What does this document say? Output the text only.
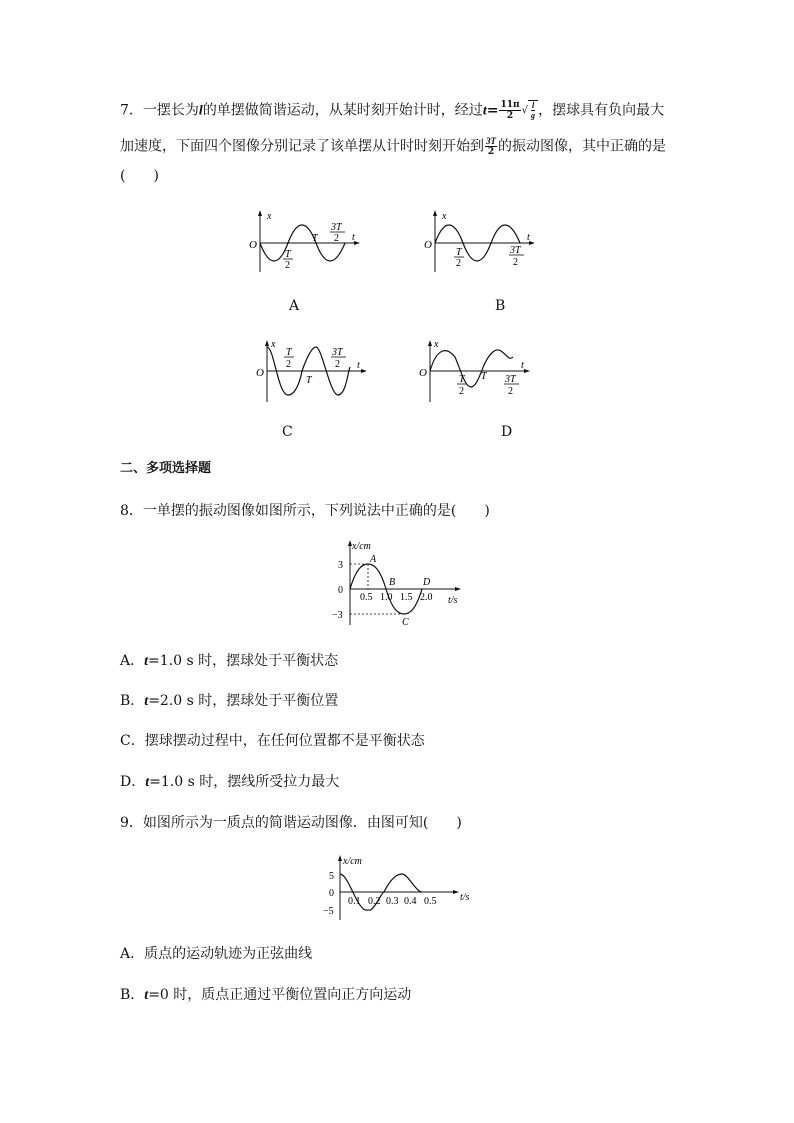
7．一摆长为l的单摆做简谐运动，从某时刻开始计时，经过$t= \frac{11\pi}{2}$ √ $\frac{l}{g}$ ，摆球具有负向最大
加速度，下面四个图像分别记录了该单摆从计时时刻开始到 $\frac{3T}{2}$ 的振动图像，其中正确的是
(　　)
x
O
t
T
2
T
3T
2
A
x
O
t
T
2
3T
2
B
x
O
t
T
2
T
3T
2
C
x
O
t
T
2
T 3T
2
D
二、多项选择题
8．一单摆的振动图像如图所示，下列说法中正确的是(　　)
x/cm
t/s
3
0
−3
A
B
C
D
0.5 1.0 1.5 2.0
A．t=1.0 s 时，摆球处于平衡状态
B．t=2.0 s 时，摆球处于平衡位置
C．摆球摆动过程中，在任何位置都不是平衡状态
D．t=1.0 s 时，摆线所受拉力最大
9．如图所示为一质点的简谐运动图像．由图可知(　　)
x/cm
t/s
5
0
−5
0.1 0.2 0.3 0.4 0.5
A．质点的运动轨迹为正弦曲线
B．t=0 时，质点正通过平衡位置向正方向运动
